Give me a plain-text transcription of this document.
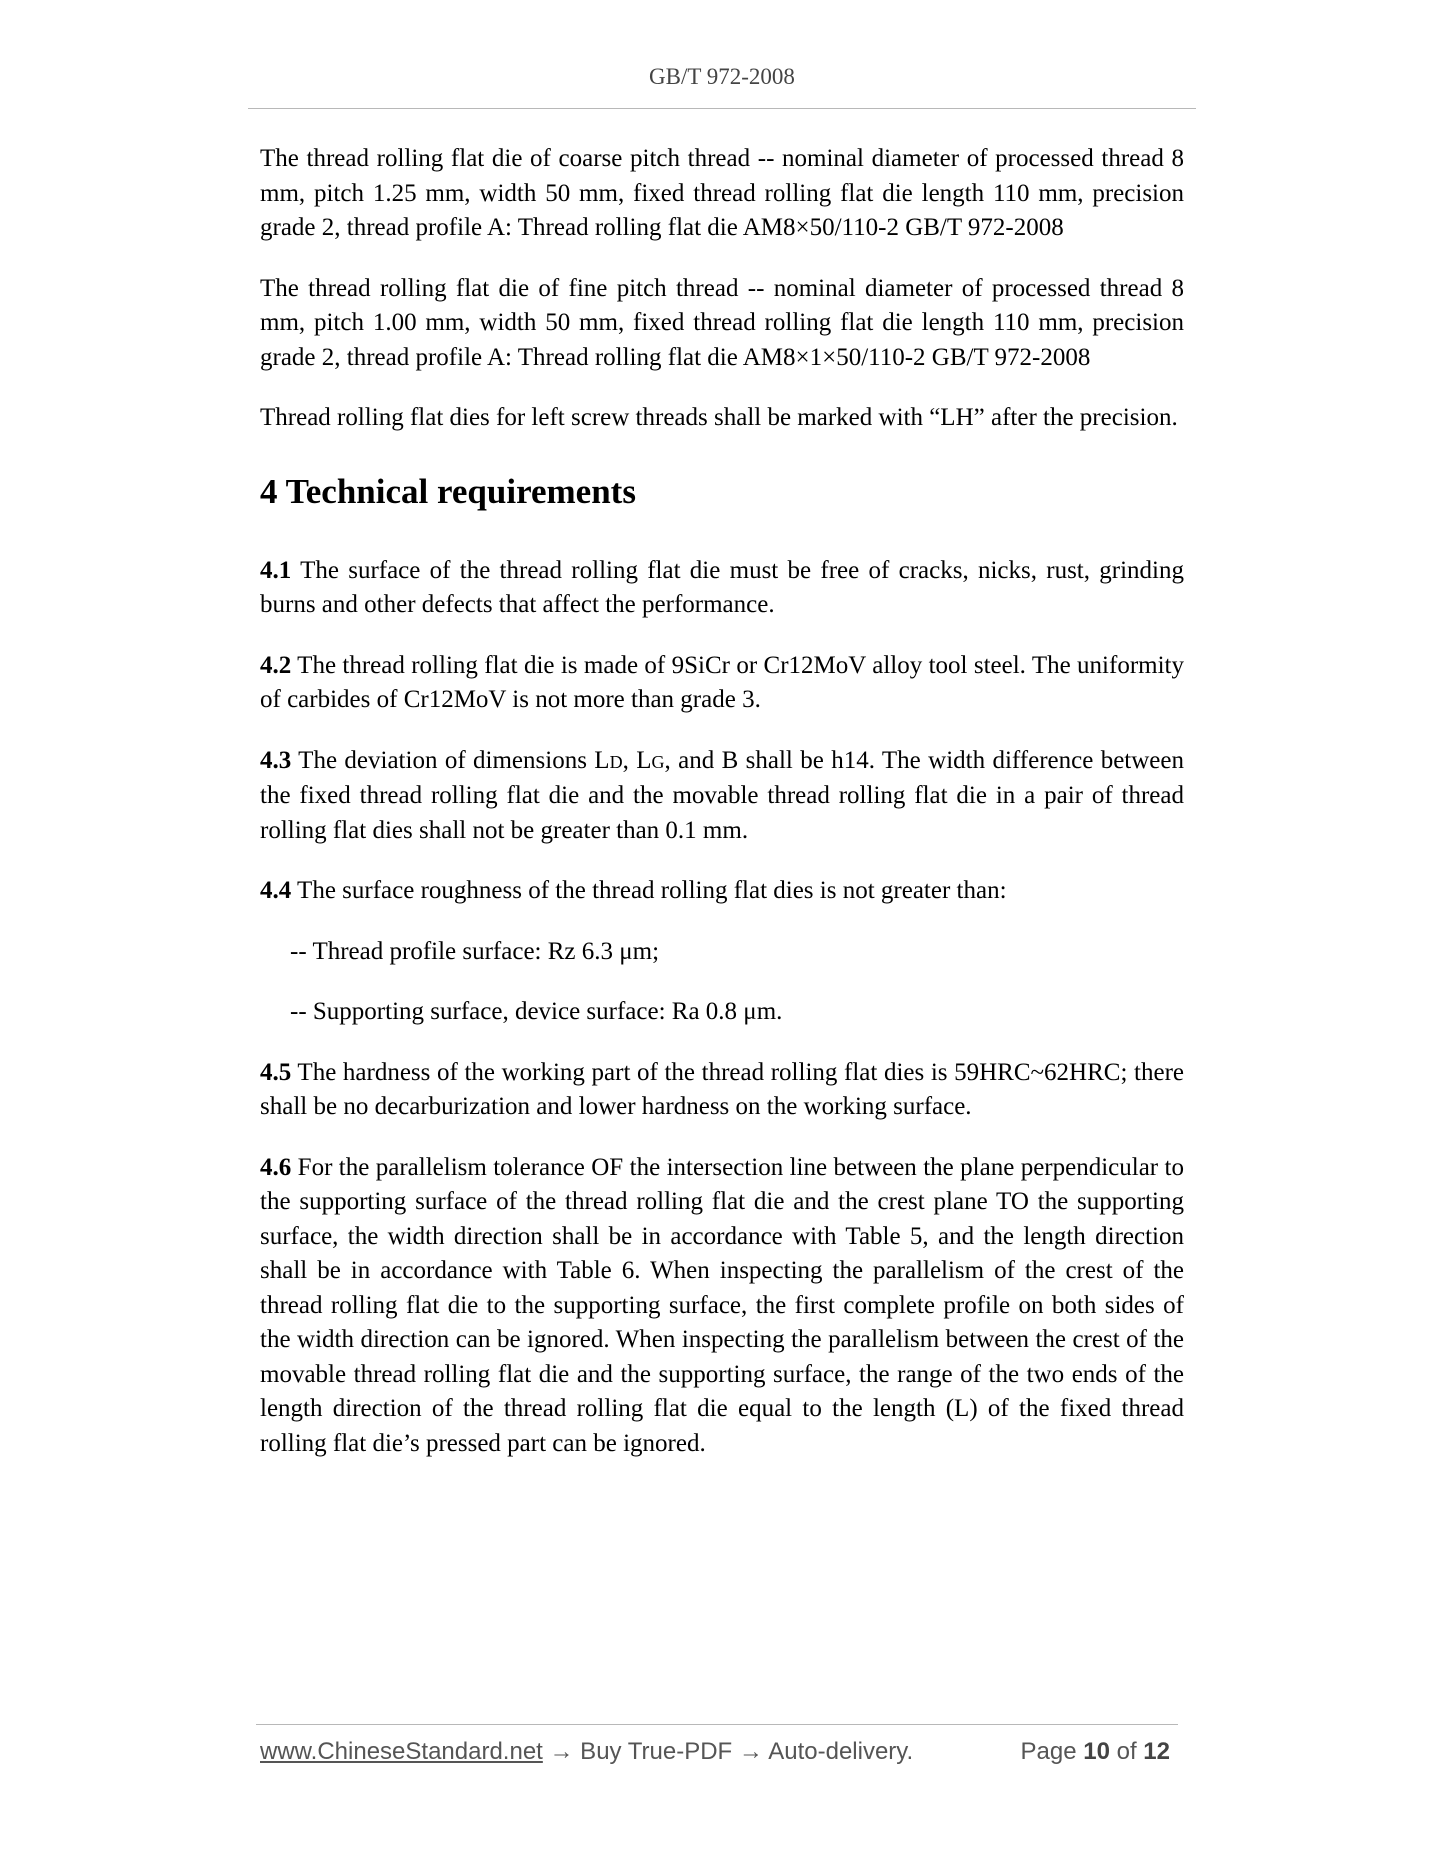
GB/T 972-2008

The thread rolling flat die of coarse pitch thread -- nominal diameter of processed thread 8 mm, pitch 1.25 mm, width 50 mm, fixed thread rolling flat die length 110 mm, precision grade 2, thread profile A: Thread rolling flat die AM8×50/110-2 GB/T 972-2008

The thread rolling flat die of fine pitch thread -- nominal diameter of processed thread 8 mm, pitch 1.00 mm, width 50 mm, fixed thread rolling flat die length 110 mm, precision grade 2, thread profile A: Thread rolling flat die AM8×1×50/110-2 GB/T 972-2008

Thread rolling flat dies for left screw threads shall be marked with “LH” after the precision.

4 Technical requirements

4.1 The surface of the thread rolling flat die must be free of cracks, nicks, rust, grinding burns and other defects that affect the performance.

4.2 The thread rolling flat die is made of 9SiCr or Cr12MoV alloy tool steel. The uniformity of carbides of Cr12MoV is not more than grade 3.

4.3 The deviation of dimensions LD, LG, and B shall be h14. The width difference between the fixed thread rolling flat die and the movable thread rolling flat die in a pair of thread rolling flat dies shall not be greater than 0.1 mm.

4.4 The surface roughness of the thread rolling flat dies is not greater than:

-- Thread profile surface: Rz 6.3 μm;

-- Supporting surface, device surface: Ra 0.8 μm.

4.5 The hardness of the working part of the thread rolling flat dies is 59HRC~62HRC; there shall be no decarburization and lower hardness on the working surface.

4.6 For the parallelism tolerance OF the intersection line between the plane perpendicular to the supporting surface of the thread rolling flat die and the crest plane TO the supporting surface, the width direction shall be in accordance with Table 5, and the length direction shall be in accordance with Table 6. When inspecting the parallelism of the crest of the thread rolling flat die to the supporting surface, the first complete profile on both sides of the width direction can be ignored. When inspecting the parallelism between the crest of the movable thread rolling flat die and the supporting surface, the range of the two ends of the length direction of the thread rolling flat die equal to the length (L) of the fixed thread rolling flat die’s pressed part can be ignored.

www.ChineseStandard.net → Buy True-PDF → Auto-delivery.	Page 10 of 12
